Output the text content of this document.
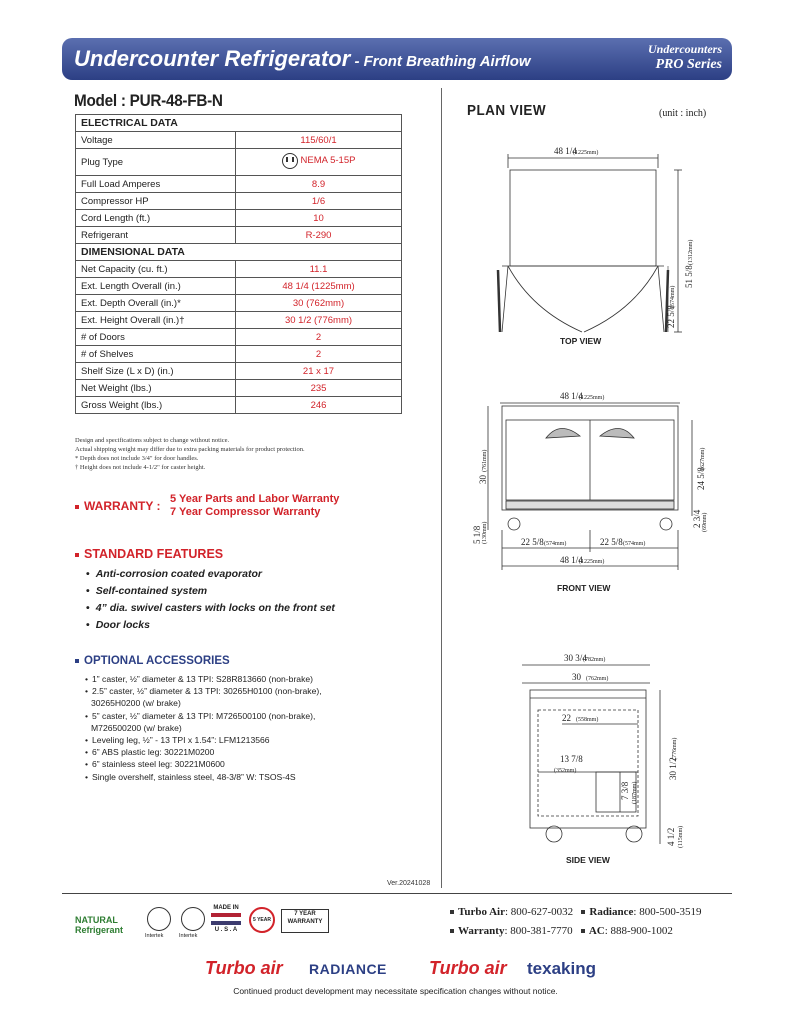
Undercounter Refrigerator - Front Breathing Airflow
Undercounters
PRO Series
Model : PUR-48-FB-N
ELECTRICAL DATA	
Voltage	115/60/1
Plug Type	NEMA 5-15P

Full Load Amperes	8.9
Compressor HP	1/6
Cord Length (ft.)	10
Refrigerant	R-290
DIMENSIONAL DATA	
Net Capacity (cu. ft.)	11.1
Ext. Length Overall (in.)	48 1/4 (1225mm)
Ext. Depth Overall (in.)*	30 (762mm)
Ext. Height Overall (in.)†	30 1/2 (776mm)
# of Doors	2
# of Shelves	2
Shelf Size (L x D) (in.)	21 x 17
Net Weight (lbs.)	235
Gross Weight (lbs.)	246
Design and specifications subject to change without notice.
Actual shipping weight may differ due to extra packing materials for product protection.
* Depth does not include 3/4" for door handles.
† Height does not include 4-1/2" for caster height.
WARRANTY : 5 Year Parts and Labor Warranty
7 Year Compressor Warranty
STANDARD FEATURES
• Anti-corrosion coated evaporator
• Self-contained system
• 4” dia. swivel casters with locks on the front set
• Door locks
OPTIONAL ACCESSORIES
• 1” caster, ½” diameter & 13 TPI: S28R813660 (non-brake)
• 2.5” caster, ½” diameter & 13 TPI: 30265H0100 (non-brake),
30265H0200 (w/ brake)
• 5” caster, ½” diameter & 13 TPI: M726500100 (non-brake),
M726500200 (w/ brake)
• Leveling leg, ½” - 13 TPI x 1.54”: LFM1213566
• 6” ABS plastic leg: 30221M0200
• 6” stainless steel leg: 30221M0600
• Single overshelf, stainless steel, 48-3/8” W: TSOS-4S
Ver.20241028
PLAN VIEW	(unit : inch)
48 1/4
(1225mm)
51 5/8
(1312mm)
22 5/8
(574mm)
TOP VIEW
48 1/4
(1225mm)
30
(761mm)
24 5/8
(627mm)
5 1/8 (130mm)
2 3/4 (69mm)
22 5/8 (574mm)	22 5/8 (574mm)
48 1/4
(1225mm)
FRONT VIEW
30 3/4
(782mm)
30 (762mm)
22 (558mm)
13 7/8
(352mm)
7 3/8 (187mm)
30 1/2
(776mm)
4 1/2 (115mm)
SIDE VIEW
NATURAL
Refrigerant
Intertek	Intertek
MADE IN
U . S . A
5 YEAR
7 YEAR
WARRANTY
Turbo Air: 800-627-0032 Radiance: 800-500-3519
Warranty: 800-381-7770 AC: 888-900-1002
Turbo air RADIANCE Turbo air texaking
Continued product development may necessitate specification changes without notice.
